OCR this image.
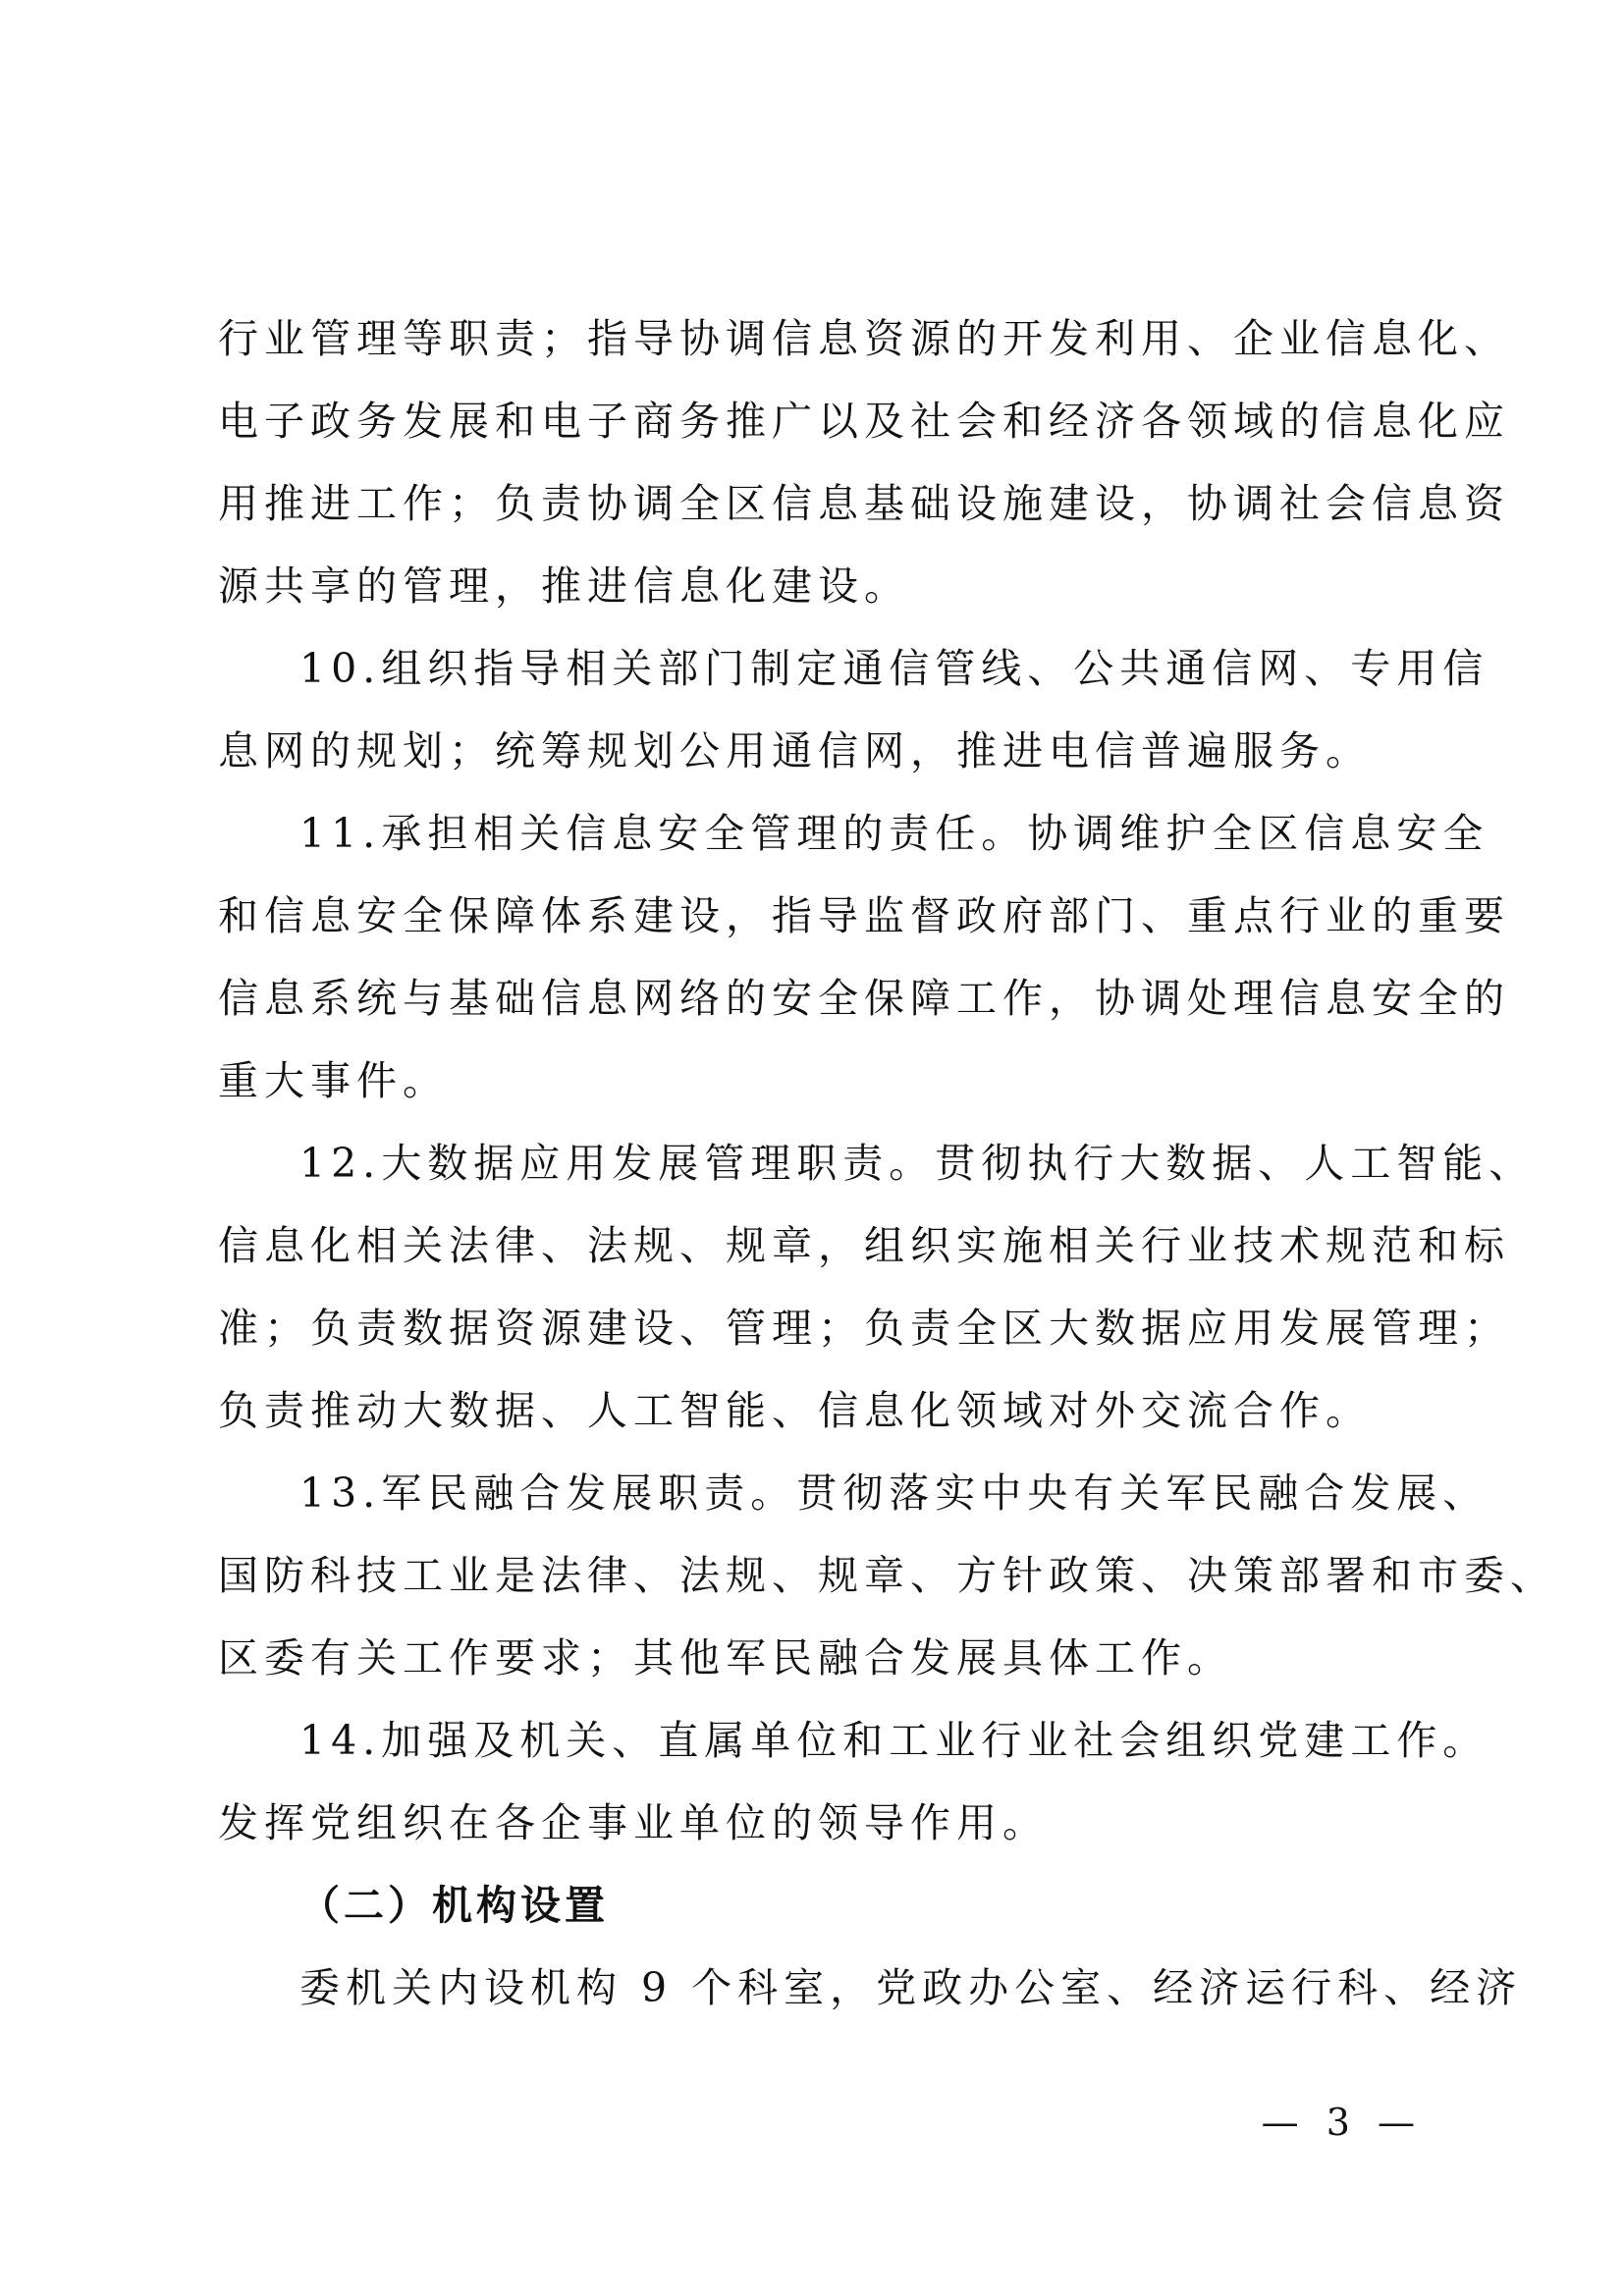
行业管理等职责；指导协调信息资源的开发利用、企业信息化、
电子政务发展和电子商务推广以及社会和经济各领域的信息化应
用推进工作；负责协调全区信息基础设施建设，协调社会信息资
源共享的管理，推进信息化建设。
10.组织指导相关部门制定通信管线、公共通信网、专用信
息网的规划；统筹规划公用通信网，推进电信普遍服务。
11.承担相关信息安全管理的责任。协调维护全区信息安全
和信息安全保障体系建设，指导监督政府部门、重点行业的重要
信息系统与基础信息网络的安全保障工作，协调处理信息安全的
重大事件。
12.大数据应用发展管理职责。贯彻执行大数据、人工智能、
信息化相关法律、法规、规章，组织实施相关行业技术规范和标
准；负责数据资源建设、管理；负责全区大数据应用发展管理；
负责推动大数据、人工智能、信息化领域对外交流合作。
13.军民融合发展职责。贯彻落实中央有关军民融合发展、
国防科技工业是法律、法规、规章、方针政策、决策部署和市委、
区委有关工作要求；其他军民融合发展具体工作。
14.加强及机关、直属单位和工业行业社会组织党建工作。
发挥党组织在各企事业单位的领导作用。
（二）机构设置
委机关内设机构 9 个科室，党政办公室、经济运行科、经济
— 3 —
